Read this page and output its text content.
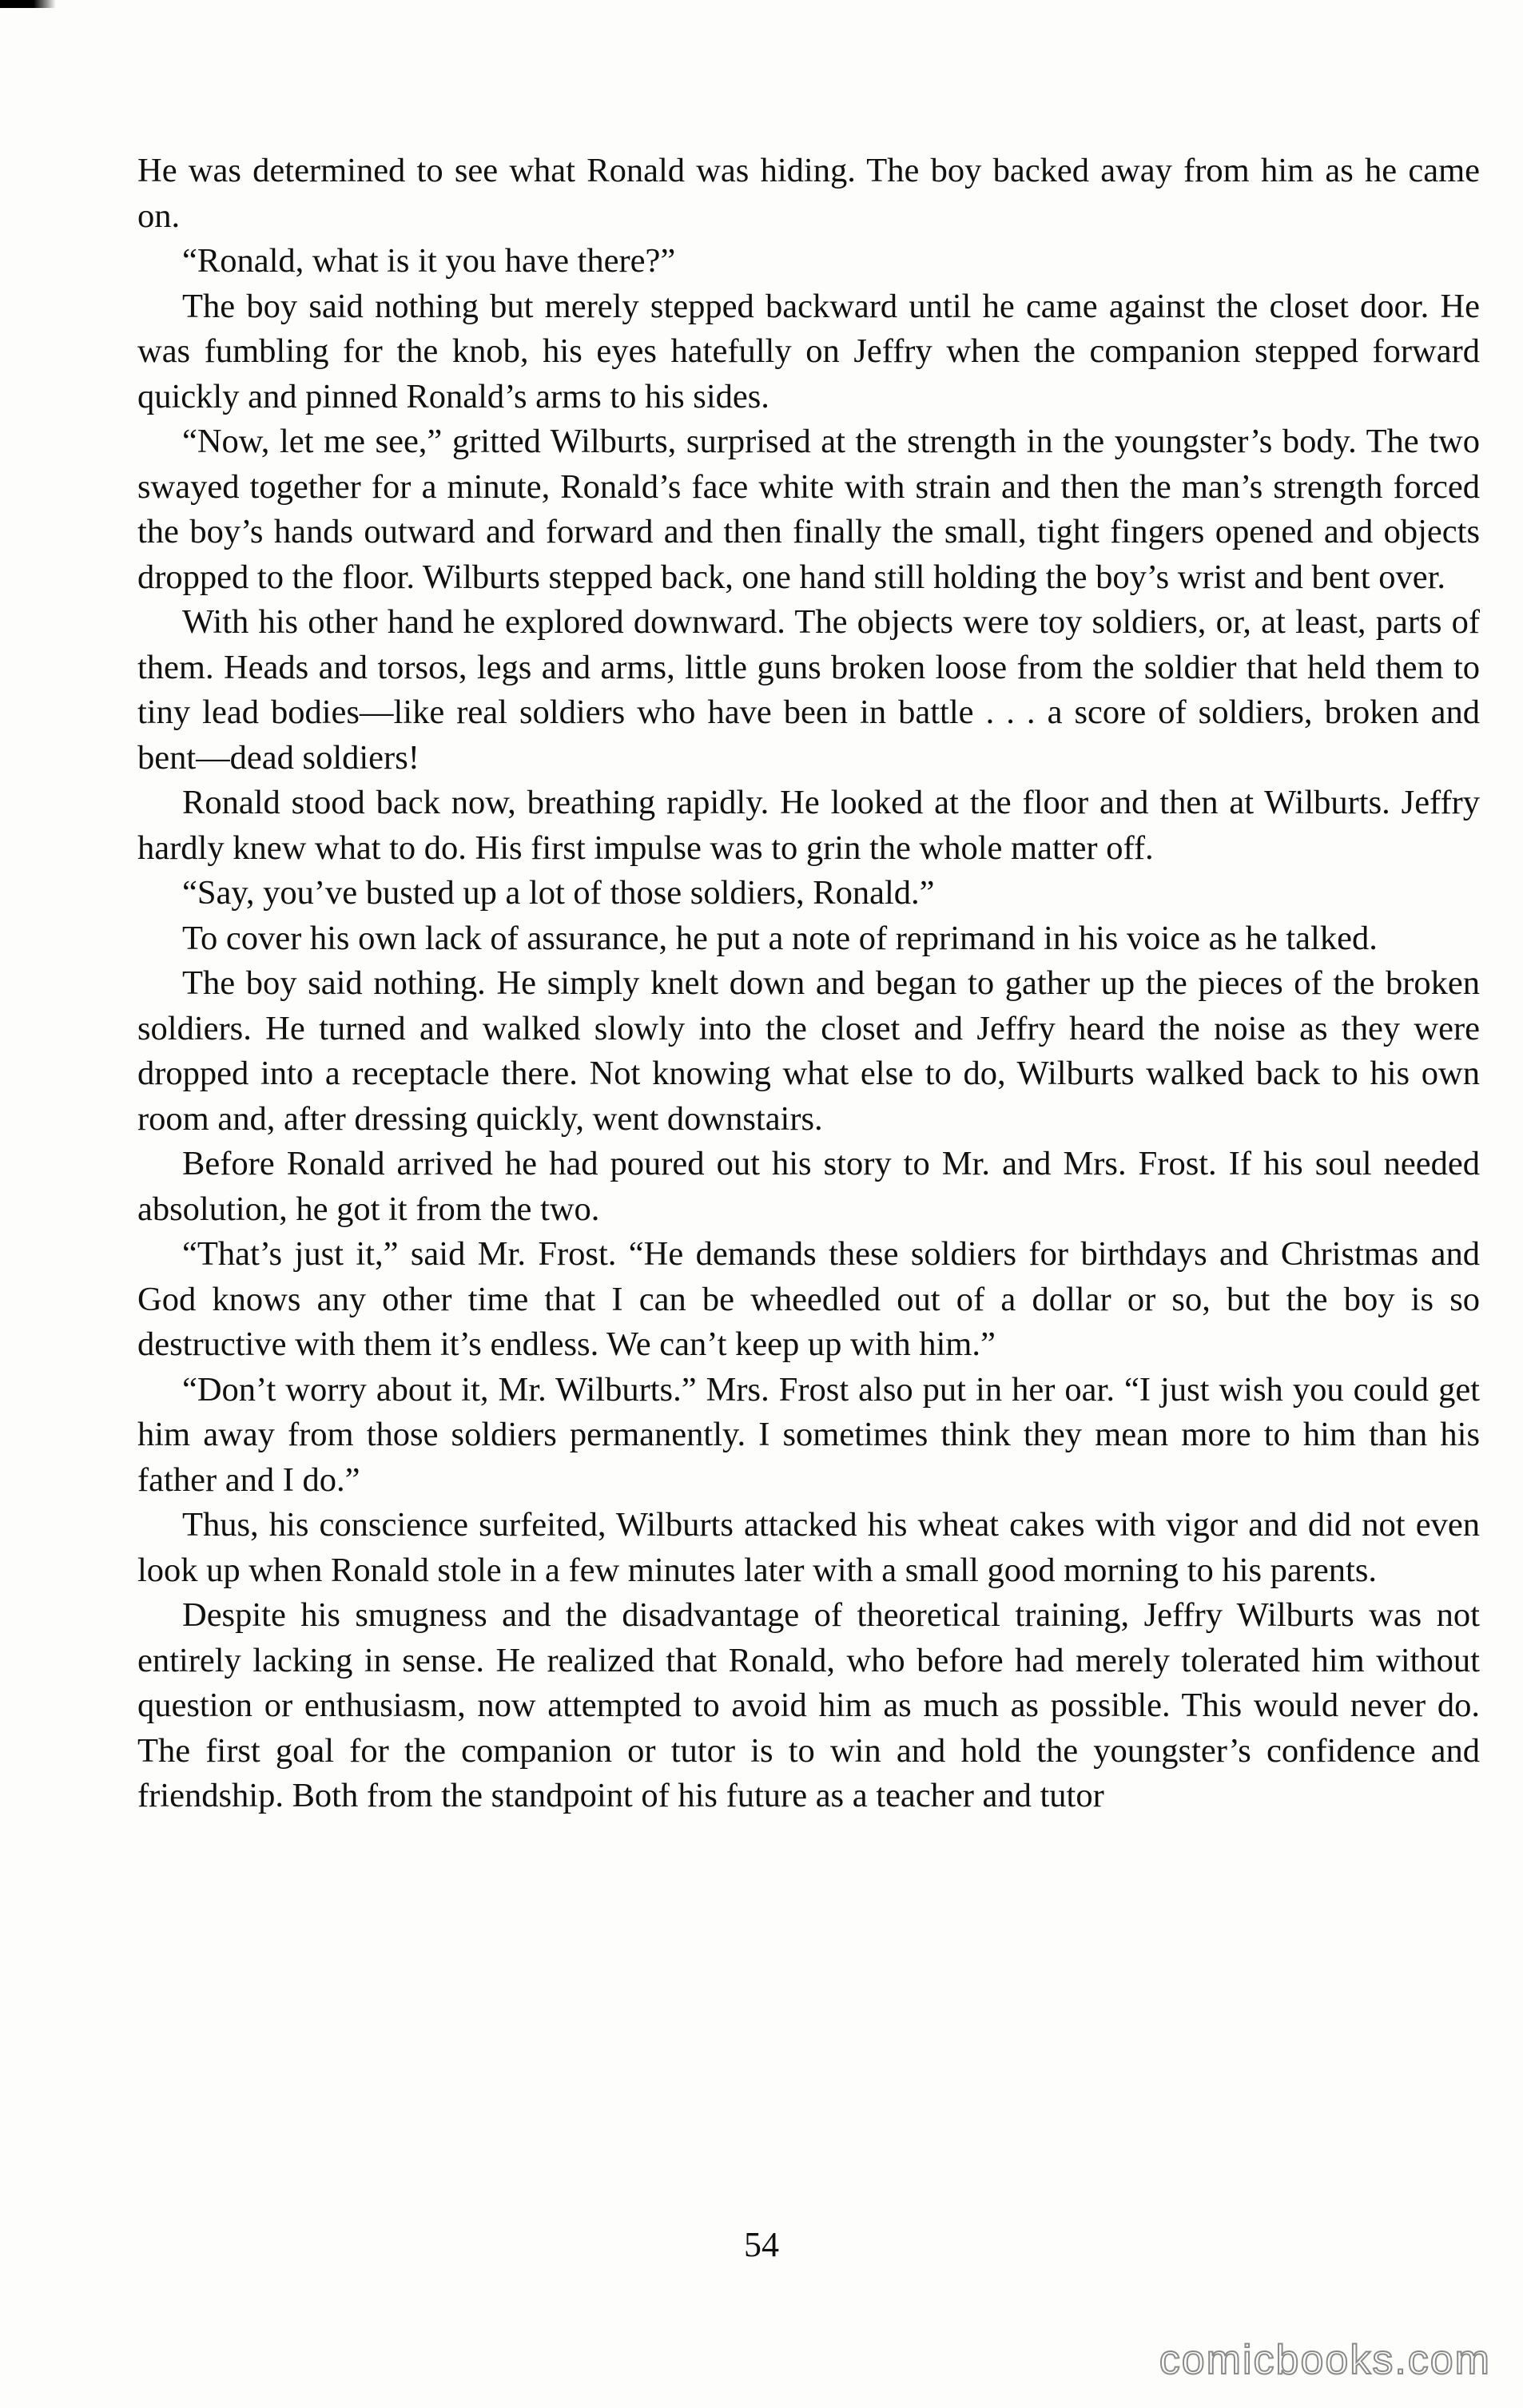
He was determined to see what Ronald was hiding. The boy backed away from him as he came on.

“Ronald, what is it you have there?”

The boy said nothing but merely stepped backward until he came against the closet door. He was fumbling for the knob, his eyes hatefully on Jeffry when the companion stepped forward quickly and pinned Ronald’s arms to his sides.

“Now, let me see,” gritted Wilburts, surprised at the strength in the youngster’s body. The two swayed together for a minute, Ronald’s face white with strain and then the man’s strength forced the boy’s hands outward and forward and then finally the small, tight fingers opened and objects dropped to the floor. Wilburts stepped back, one hand still holding the boy’s wrist and bent over.

With his other hand he explored downward. The objects were toy soldiers, or, at least, parts of them. Heads and torsos, legs and arms, little guns broken loose from the soldier that held them to tiny lead bodies—like real soldiers who have been in battle . . . a score of soldiers, broken and bent—dead soldiers!

Ronald stood back now, breathing rapidly. He looked at the floor and then at Wilburts. Jeffry hardly knew what to do. His first impulse was to grin the whole matter off.

“Say, you’ve busted up a lot of those soldiers, Ronald.”

To cover his own lack of assurance, he put a note of reprimand in his voice as he talked.

The boy said nothing. He simply knelt down and began to gather up the pieces of the broken soldiers. He turned and walked slowly into the closet and Jeffry heard the noise as they were dropped into a receptacle there. Not knowing what else to do, Wilburts walked back to his own room and, after dressing quickly, went downstairs.

Before Ronald arrived he had poured out his story to Mr. and Mrs. Frost. If his soul needed absolution, he got it from the two.

“That’s just it,” said Mr. Frost. “He demands these soldiers for birthdays and Christmas and God knows any other time that I can be wheedled out of a dollar or so, but the boy is so destructive with them it’s endless. We can’t keep up with him.”

“Don’t worry about it, Mr. Wilburts.” Mrs. Frost also put in her oar. “I just wish you could get him away from those soldiers permanently. I sometimes think they mean more to him than his father and I do.”

Thus, his conscience surfeited, Wilburts attacked his wheat cakes with vigor and did not even look up when Ronald stole in a few minutes later with a small good morning to his parents.

Despite his smugness and the disadvantage of theoretical training, Jeffry Wilburts was not entirely lacking in sense. He realized that Ronald, who before had merely tolerated him without question or enthusiasm, now attempted to avoid him as much as possible. This would never do. The first goal for the companion or tutor is to win and hold the youngster’s confidence and friendship. Both from the standpoint of his future as a teacher and tutor

54
comicbooks.com
